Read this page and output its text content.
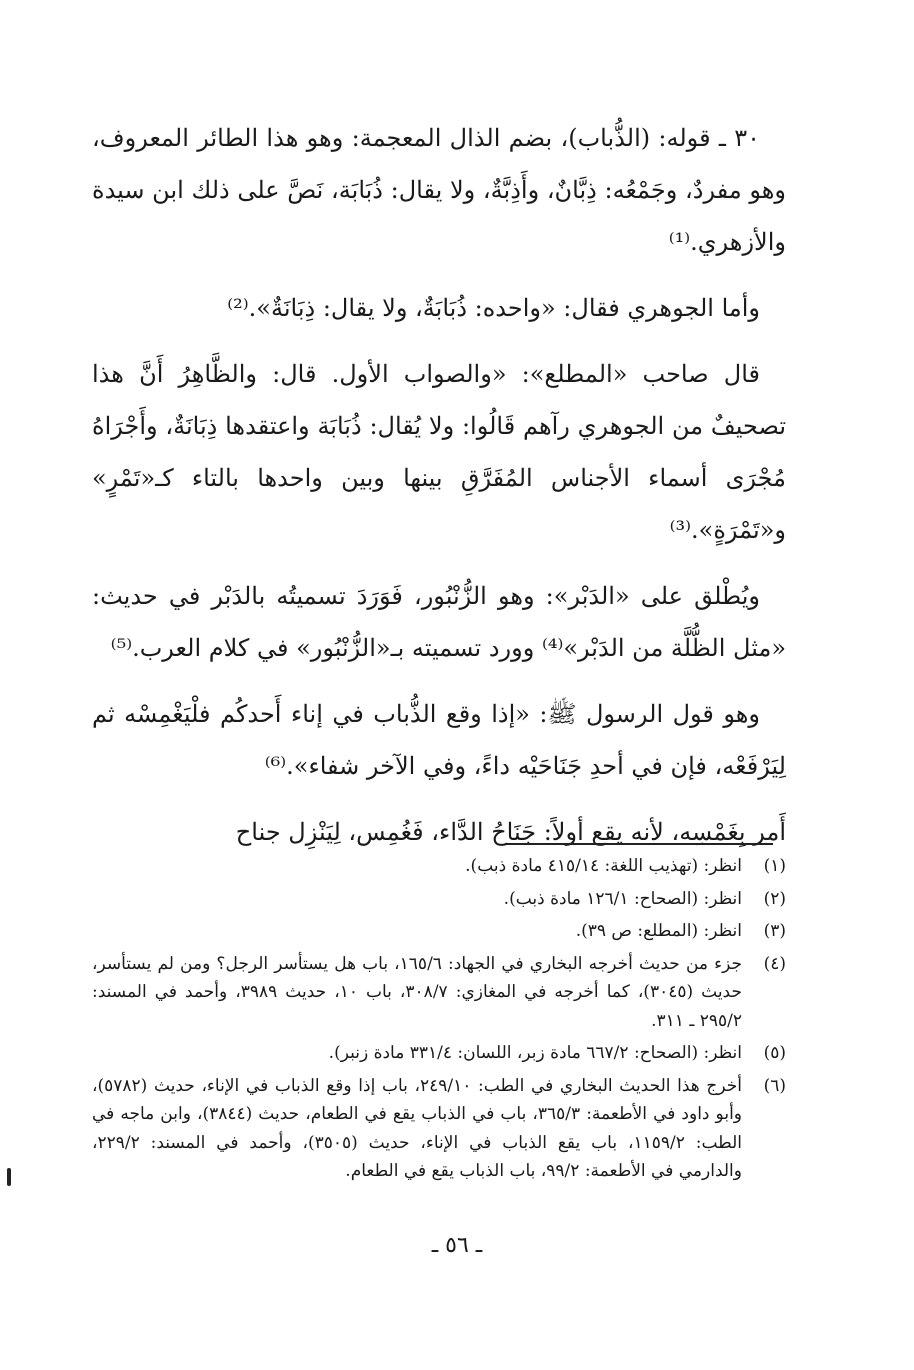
٣٠ ـ قوله: (الذُّباب)، بضم الذال المعجمة: وهو هذا الطائر المعروف، وهو مفردٌ، وجَمْعُه: ذِبَّانٌ، وأَذِبَّةٌ، ولا يقال: ذُبَابَة، نَصَّ على ذلك ابن سيدة والأزهري.⁽¹⁾

وأما الجوهري فقال: «واحده: ذُبَابَةٌ، ولا يقال: ذِبَانَةٌ».⁽²⁾

قال صاحب «المطلع»: «والصواب الأول. قال: والظَّاهِرُ أَنَّ هذا تصحيفٌ من الجوهري رآهم قَالُوا: ولا يُقال: ذُبَابَة واعتقدها ذِبَانَةٌ، وأَجْرَاهُ مُجْرَى أسماء الأجناس المُفَرَّقِ بينها وبين واحدها بالتاء كـ«تَمْرٍ» و«تَمْرَةٍ».⁽³⁾

ويُطْلق على «الدَبْر»: وهو الزُّنْبُور، فَوَرَدَ تسميتُه بالدَبْر في حديث: «مثل الظُّلَّة من الدَبْر»⁽⁴⁾ وورد تسميته بـ«الزُّنْبُور» في كلام العرب.⁽⁵⁾

وهو قول الرسول ﷺ: «إذا وقع الذُّباب في إناء أَحدكُم فلْيَغْمِسْه ثم لِيَرْفَعْه، فإن في أحدِ جَنَاحَيْه داءً، وفي الآخر شفاء».⁽⁶⁾

أَمر بِغَمْسِه، لأنه يقع أولاً: جَنَاحُ الدَّاء، فَغُمِس، لِيَنْزِل جناح

(١)
انظر: (تهذيب اللغة: ٤١٥/١٤ مادة ذبب).
(٢)
انظر: (الصحاح: ١٢٦/١ مادة ذبب).
(٣)
انظر: (المطلع: ص ٣٩).
(٤)
جزء من حديث أخرجه البخاري في الجهاد: ١٦٥/٦، باب هل يستأسر الرجل؟ ومن لم يستأسر، حديث (٣٠٤٥)، كما أخرجه في المغازي: ٣٠٨/٧، باب ١٠، حديث ٣٩٨٩، وأحمد في المسند: ٢٩٥/٢ ـ ٣١١.
(٥)
انظر: (الصحاح: ٦٦٧/٢ مادة زبر، اللسان: ٣٣١/٤ مادة زنبر).
(٦)
أخرج هذا الحديث البخاري في الطب: ٢٤٩/١٠، باب إذا وقع الذباب في الإناء، حديث (٥٧٨٢)، وأبو داود في الأطعمة: ٣٦٥/٣، باب في الذباب يقع في الطعام، حديث (٣٨٤٤)، وابن ماجه في الطب: ١١٥٩/٢، باب يقع الذباب في الإناء، حديث (٣٥٠٥)، وأحمد في المسند: ٢٢٩/٢، والدارمي في الأطعمة: ٩٩/٢، باب الذباب يقع في الطعام.
ـ ٥٦ ـ
